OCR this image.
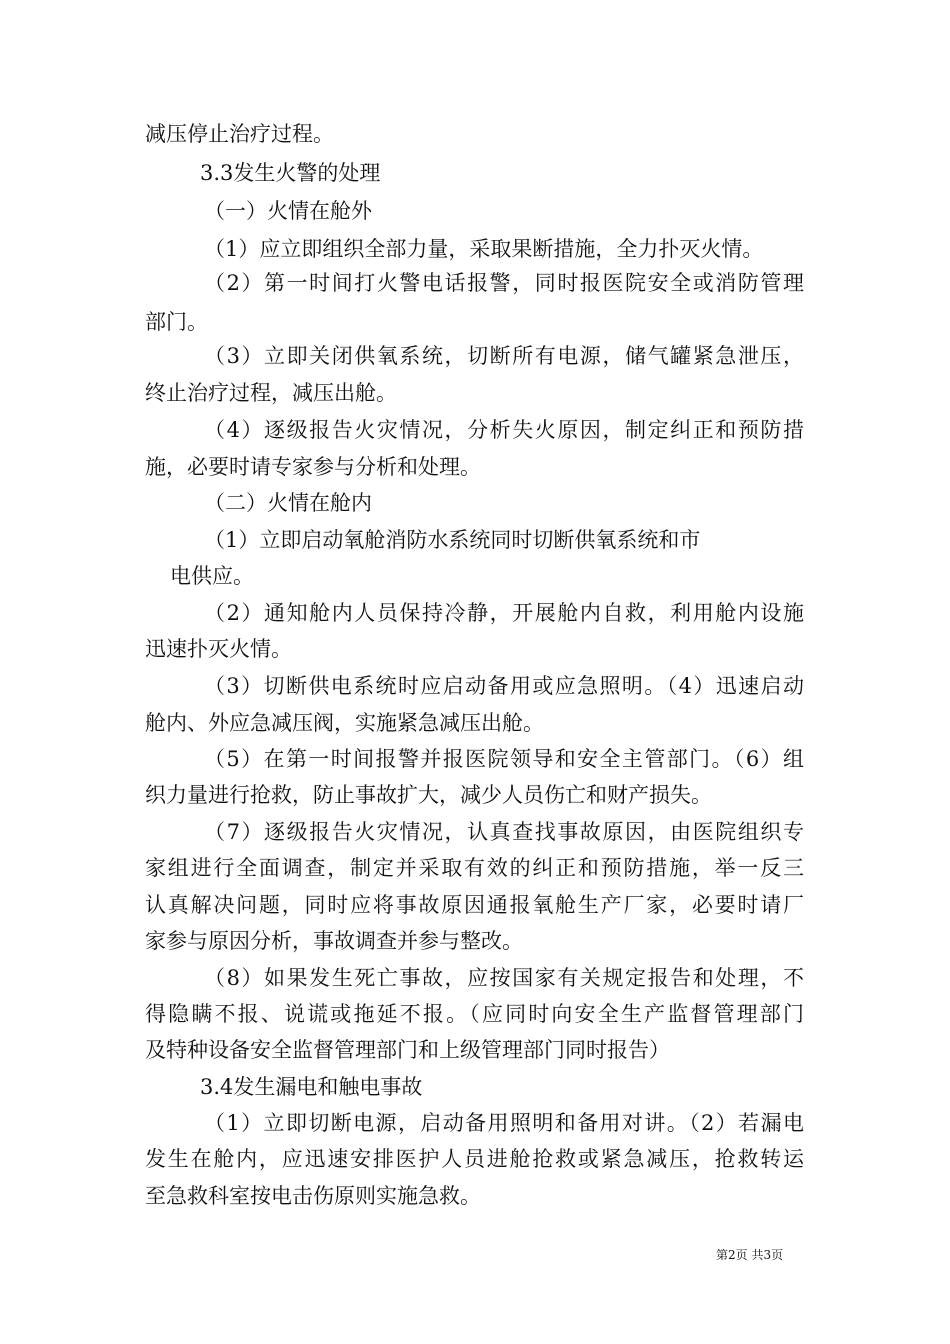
减压停止治疗过程。
3.3发生火警的处理
（一）火情在舱外
（1）应立即组织全部力量，采取果断措施，全力扑灭火情。
（2）第一时间打火警电话报警，同时报医院安全或消防管理
部门。
（3）立即关闭供氧系统，切断所有电源，储气罐紧急泄压，
终止治疗过程，减压出舱。
（4）逐级报告火灾情况，分析失火原因，制定纠正和预防措
施，必要时请专家参与分析和处理。
（二）火情在舱内
（1）立即启动氧舱消防水系统同时切断供氧系统和市
电供应。
（2）通知舱内人员保持冷静，开展舱内自救，利用舱内设施
迅速扑灭火情。
（3）切断供电系统时应启动备用或应急照明。（4）迅速启动
舱内、外应急减压阀，实施紧急减压出舱。
（5）在第一时间报警并报医院领导和安全主管部门。（6）组
织力量进行抢救，防止事故扩大，减少人员伤亡和财产损失。
（7）逐级报告火灾情况，认真查找事故原因，由医院组织专
家组进行全面调查，制定并采取有效的纠正和预防措施，举一反三
认真解决问题，同时应将事故原因通报氧舱生产厂家，必要时请厂
家参与原因分析，事故调查并参与整改。
（8）如果发生死亡事故，应按国家有关规定报告和处理，不
得隐瞒不报、说谎或拖延不报。（应同时向安全生产监督管理部门
及特种设备安全监督管理部门和上级管理部门同时报告）
3.4发生漏电和触电事故
（1）立即切断电源，启动备用照明和备用对讲。（2）若漏电
发生在舱内，应迅速安排医护人员进舱抢救或紧急减压，抢救转运
至急救科室按电击伤原则实施急救。
第2页 共3页
